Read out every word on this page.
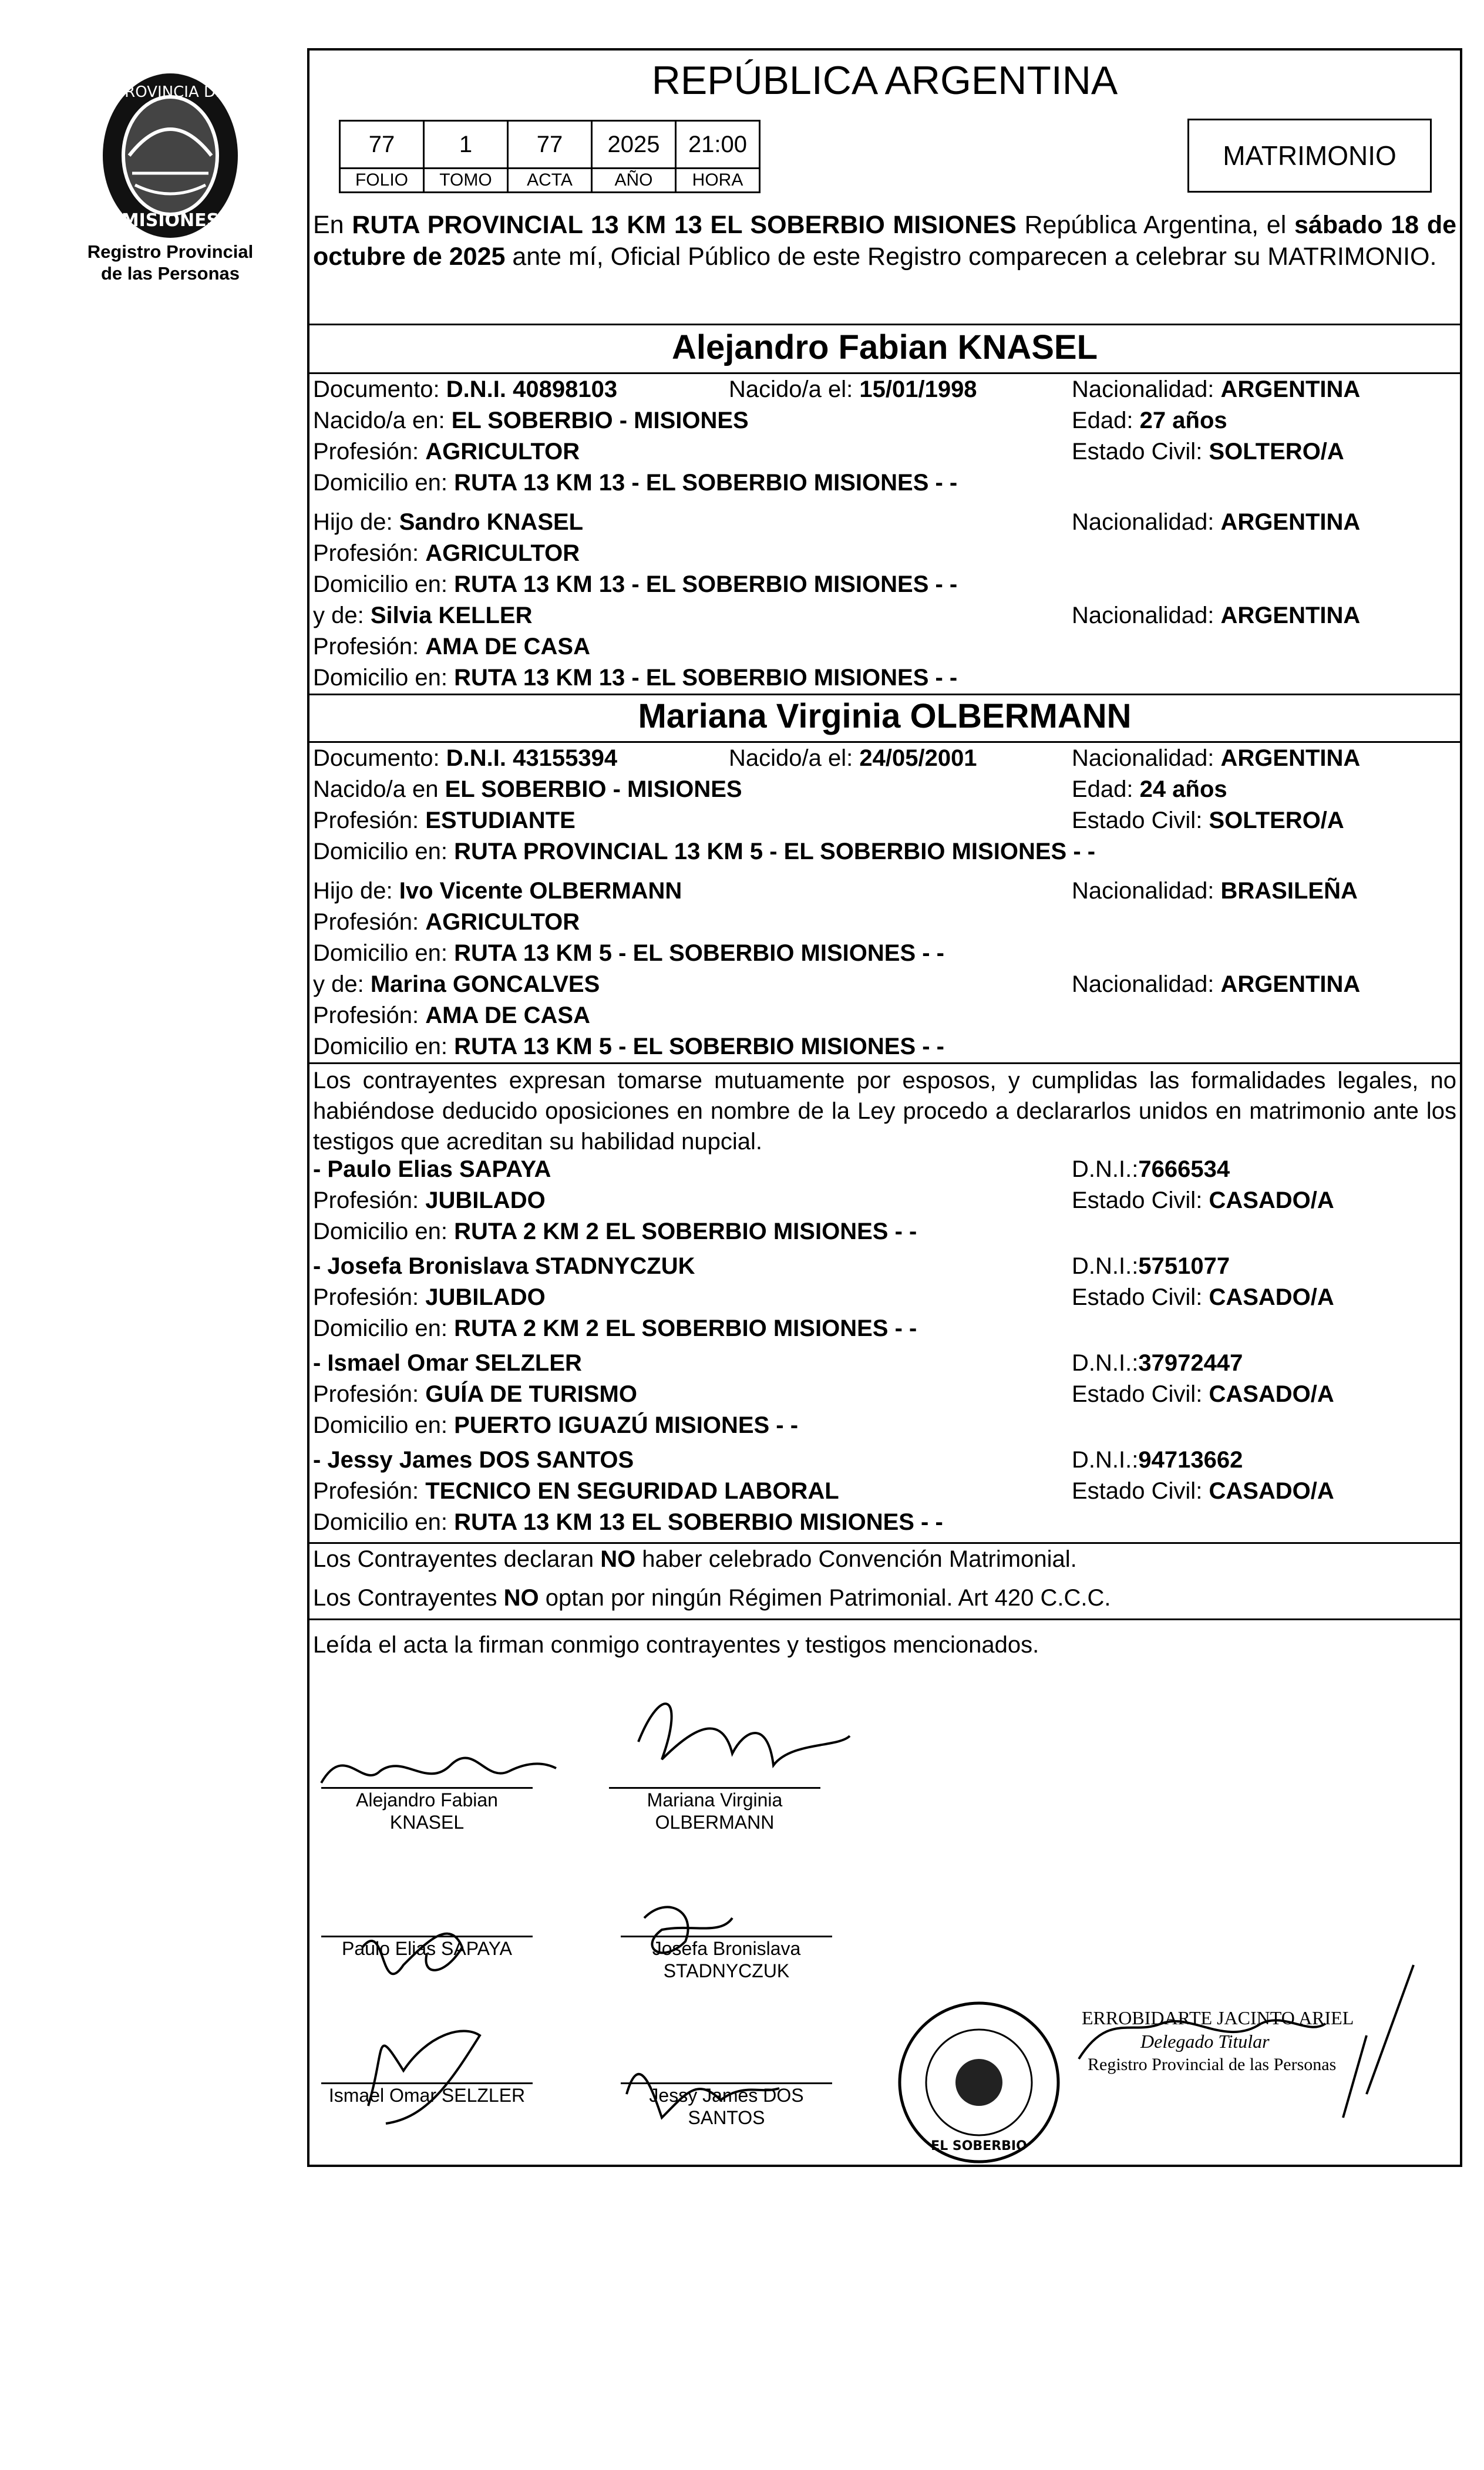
PROVINCIA DE
MISIONES
Registro Provincial
de las Personas
REPÚBLICA ARGENTINA
77	1	77	2025	21:00
FOLIO	TOMO	ACTA	AÑO	HORA
MATRIMONIO
En RUTA PROVINCIAL 13 KM 13 EL SOBERBIO MISIONES República Argentina, el sábado 18 de octubre de 2025 ante mí, Oficial Público de este Registro comparecen a celebrar su MATRIMONIO.
Alejandro Fabian KNASEL
Documento: D.N.I. 40898103	Nacido/a el: 15/01/1998	Nacionalidad: ARGENTINA
Nacido/a en: EL SOBERBIO - MISIONES	Edad: 27 años
Profesión: AGRICULTOR	Estado Civil: SOLTERO/A
Domicilio en: RUTA 13 KM 13 - EL SOBERBIO MISIONES - -
Hijo de: Sandro KNASEL	Nacionalidad: ARGENTINA
Profesión: AGRICULTOR
Domicilio en: RUTA 13 KM 13 - EL SOBERBIO MISIONES - -
y de: Silvia KELLER	Nacionalidad: ARGENTINA
Profesión: AMA DE CASA
Domicilio en: RUTA 13 KM 13 - EL SOBERBIO MISIONES - -
Mariana Virginia OLBERMANN
Documento: D.N.I. 43155394	Nacido/a el: 24/05/2001	Nacionalidad: ARGENTINA
Nacido/a en EL SOBERBIO - MISIONES	Edad: 24 años
Profesión: ESTUDIANTE	Estado Civil: SOLTERO/A
Domicilio en: RUTA PROVINCIAL 13 KM 5 - EL SOBERBIO MISIONES - -
Hijo de: Ivo Vicente OLBERMANN	Nacionalidad: BRASILEÑA
Profesión: AGRICULTOR
Domicilio en: RUTA 13 KM 5 - EL SOBERBIO MISIONES - -
y de: Marina GONCALVES	Nacionalidad: ARGENTINA
Profesión: AMA DE CASA
Domicilio en: RUTA 13 KM 5 - EL SOBERBIO MISIONES - -
Los contrayentes expresan tomarse mutuamente por esposos, y cumplidas las formalidades legales, no habiéndose deducido oposiciones en nombre de la Ley procedo a declararlos unidos en matrimonio ante los testigos que acreditan su habilidad nupcial.
Los Contrayentes declaran NO haber celebrado Convención Matrimonial.
Los Contrayentes NO optan por ningún Régimen Patrimonial. Art 420 C.C.C.
Leída el acta la firman conmigo contrayentes y testigos mencionados.
EL SOBERBIO
Alejandro Fabian KNASEL
Mariana Virginia
OLBERMANN
Paulo Elias SAPAYA	Josefa Bronislava
STADNYCZUK
Ismael Omar SELZLER	Jessy James DOS
SANTOS
ERROBIDARTE JACINTO ARIEL
Delegado Titular
Registro Provincial de las Personas
- Paulo Elias SAPAYA	D.N.I.:7666534
Profesión: JUBILADO	Estado Civil: CASADO/A
Domicilio en: RUTA 2 KM 2 EL SOBERBIO MISIONES - -
- Josefa Bronislava STADNYCZUK	D.N.I.:5751077
Profesión: JUBILADO	Estado Civil: CASADO/A
Domicilio en: RUTA 2 KM 2 EL SOBERBIO MISIONES - -
- Ismael Omar SELZLER	D.N.I.:37972447
Profesión: GUÍA DE TURISMO	Estado Civil: CASADO/A
Domicilio en: PUERTO IGUAZÚ MISIONES - -
- Jessy James DOS SANTOS	D.N.I.:94713662
Profesión: TECNICO EN SEGURIDAD LABORAL	Estado Civil: CASADO/A
Domicilio en: RUTA 13 KM 13 EL SOBERBIO MISIONES - -
